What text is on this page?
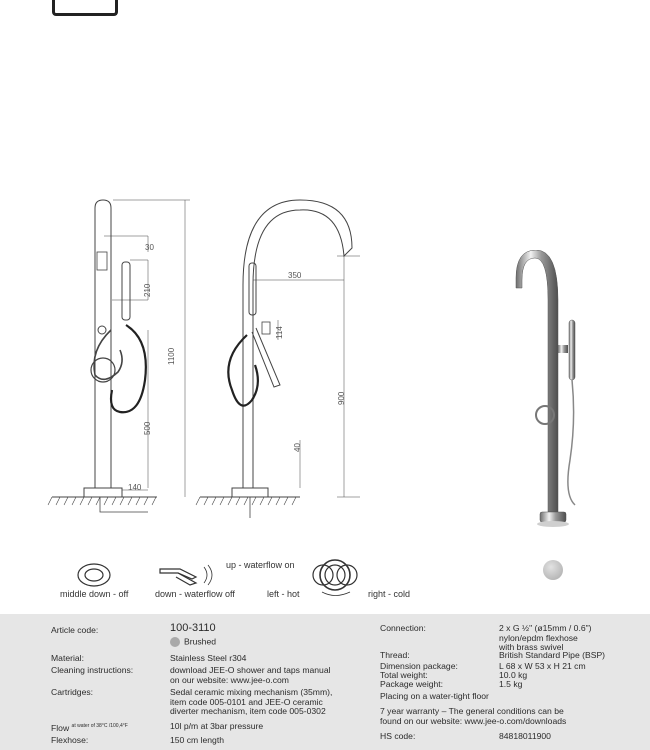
30
210
1100
500
140
350
114
900
40
middle down - off	down - waterflow off
up - waterflow on
left - hot	right - cold
Article code:	100-3110
Brushed
Material:	Stainless Steel r304
Cleaning instructions:	download JEE-O shower and taps manual
on our website: www.jee-o.com
Cartridges:	Sedal ceramic mixing mechanism (35mm),
item code 005-0101 and JEE-O ceramic
diverter mechanism, item code 005-0302
Flow $^{at water of 38^\circ C /100,4^\circ F}$	10l p/m at 3bar pressure
Flexhose:	150 cm length
Connection:	2 x G ½" (ø15mm / 0.6")
nylon/epdm flexhose
with brass swivel
Thread:	British Standard Pipe (BSP)
Dimension package:	L 68 x W 53 x H 21 cm
Total weight:	10.0 kg
Package weight:	1.5 kg
Placing on a water-tight floor
7 year warranty – The general conditions can be
found on our website: www.jee-o.com/downloads
HS code:	84818011900
